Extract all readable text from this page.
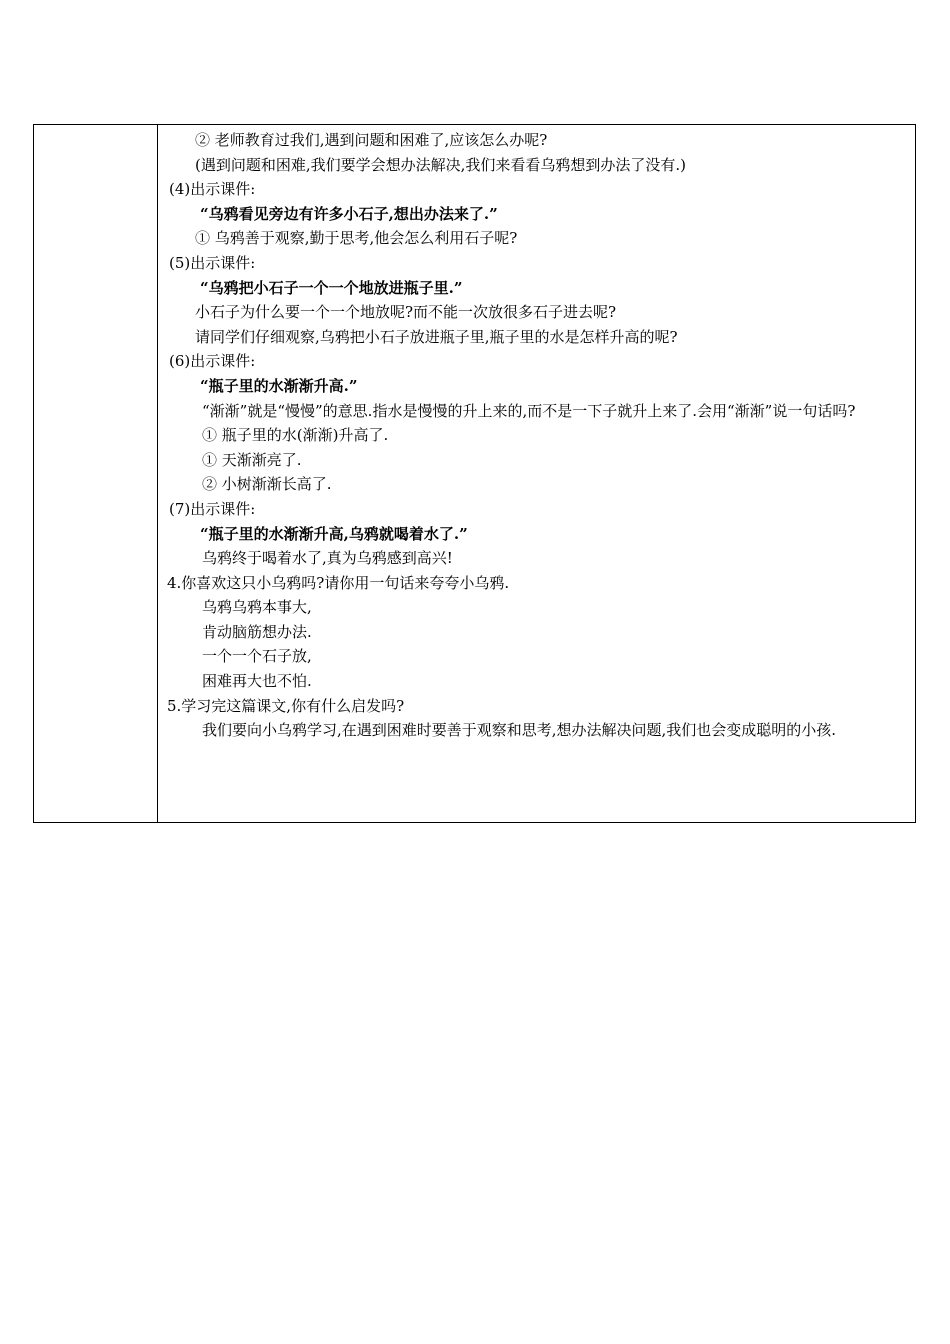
② 老师教育过我们,遇到问题和困难了,应该怎么办呢?
(遇到问题和困难,我们要学会想办法解决,我们来看看乌鸦想到办法了没有.)
(4)出示课件:
“乌鸦看见旁边有许多小石子,想出办法来了.”
① 乌鸦善于观察,勤于思考,他会怎么利用石子呢?
(5)出示课件:
“乌鸦把小石子一个一个地放进瓶子里.”
小石子为什么要一个一个地放呢?而不能一次放很多石子进去呢?
请同学们仔细观察,乌鸦把小石子放进瓶子里,瓶子里的水是怎样升高的呢?
(6)出示课件:
“瓶子里的水渐渐升高.”
“渐渐”就是“慢慢”的意思.指水是慢慢的升上来的,而不是一下子就升上来了.会用“渐渐”说一句话吗?
① 瓶子里的水(渐渐)升高了.
① 天渐渐亮了.
② 小树渐渐长高了.
(7)出示课件:
“瓶子里的水渐渐升高,乌鸦就喝着水了.”
乌鸦终于喝着水了,真为乌鸦感到高兴!
4.你喜欢这只小乌鸦吗?请你用一句话来夸夸小乌鸦.
乌鸦乌鸦本事大,
肯动脑筋想办法.
一个一个石子放,
困难再大也不怕.
5.学习完这篇课文,你有什么启发吗?
我们要向小乌鸦学习,在遇到困难时要善于观察和思考,想办法解决问题,我们也会变成聪明的小孩.
